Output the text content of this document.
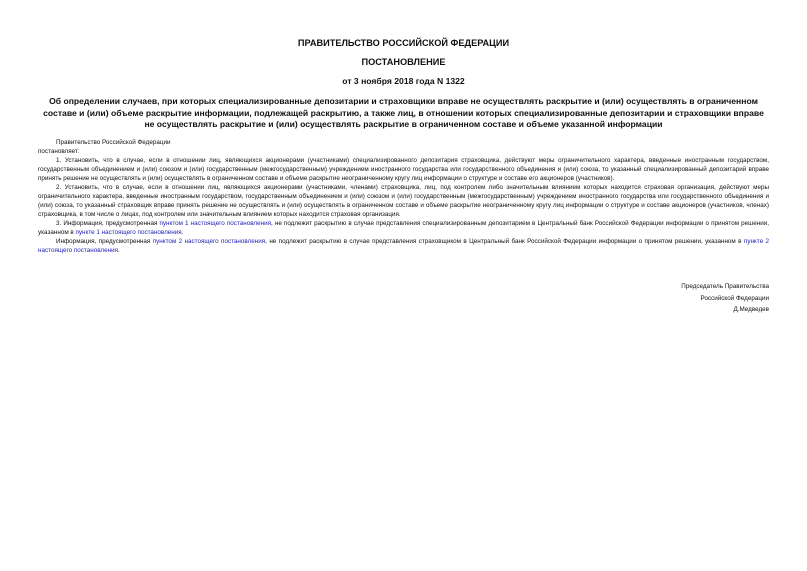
ПРАВИТЕЛЬСТВО РОССИЙСКОЙ ФЕДЕРАЦИИ
ПОСТАНОВЛЕНИЕ
от 3 ноября 2018 года N 1322
Об определении случаев, при которых специализированные депозитарии и страховщики вправе не осуществлять раскрытие и (или) осуществлять в ограниченном составе и (или) объеме раскрытие информации, подлежащей раскрытию, а также лиц, в отношении которых специализированные депозитарии и страховщики вправе не осуществлять раскрытие и (или) осуществлять раскрытие в ограниченном составе и объеме указанной информации

Правительство Российской Федерации

постановляет:

1. Установить, что в случае, если в отношении лиц, являющихся акционерами (участниками) специализированного депозитария страховщика, действуют меры ограничительного характера, введенные иностранным государством, государственным объединением и (или) союзом и (или) государственным (межгосударственным) учреждением иностранного государства или государственного объединения и (или) союза, то указанный специализированный депозитарий вправе принять решение не осуществлять и (или) осуществлять в ограниченном составе и объеме раскрытие неограниченному кругу лиц информации о структуре и составе его акционеров (участников).

2. Установить, что в случае, если в отношении лиц, являющихся акционерами (участниками, членами) страховщика, лиц, под контролем либо значительным влиянием которых находится страховая организация, действуют меры ограничительного характера, введенные иностранным государством, государственным объединением и (или) союзом и (или) государственным (межгосударственным) учреждением иностранного государства или государственного объединения и (или) союза, то указанный страховщик вправе принять решение не осуществлять и (или) осуществлять в ограниченном составе и объеме раскрытие неограниченному кругу лиц информации о структуре и составе акционеров (участников, членах) страховщика, в том числе о лицах, под контролем или значительным влиянием которых находится страховая организация.

3. Информация, предусмотренная пунктом 1 настоящего постановления, не подлежит раскрытию в случае представления специализированным депозитарием в Центральный банк Российской Федерации информации о принятом решении, указанном в пункте 1 настоящего постановления.

Информация, предусмотренная пунктом 2 настоящего постановления, не подлежит раскрытию в случае представления страховщиком в Центральный банк Российской Федерации информации о принятом решении, указанном в пункте 2 настоящего постановления.

Председатель Правительства
Российской Федерации
Д.Медведев
